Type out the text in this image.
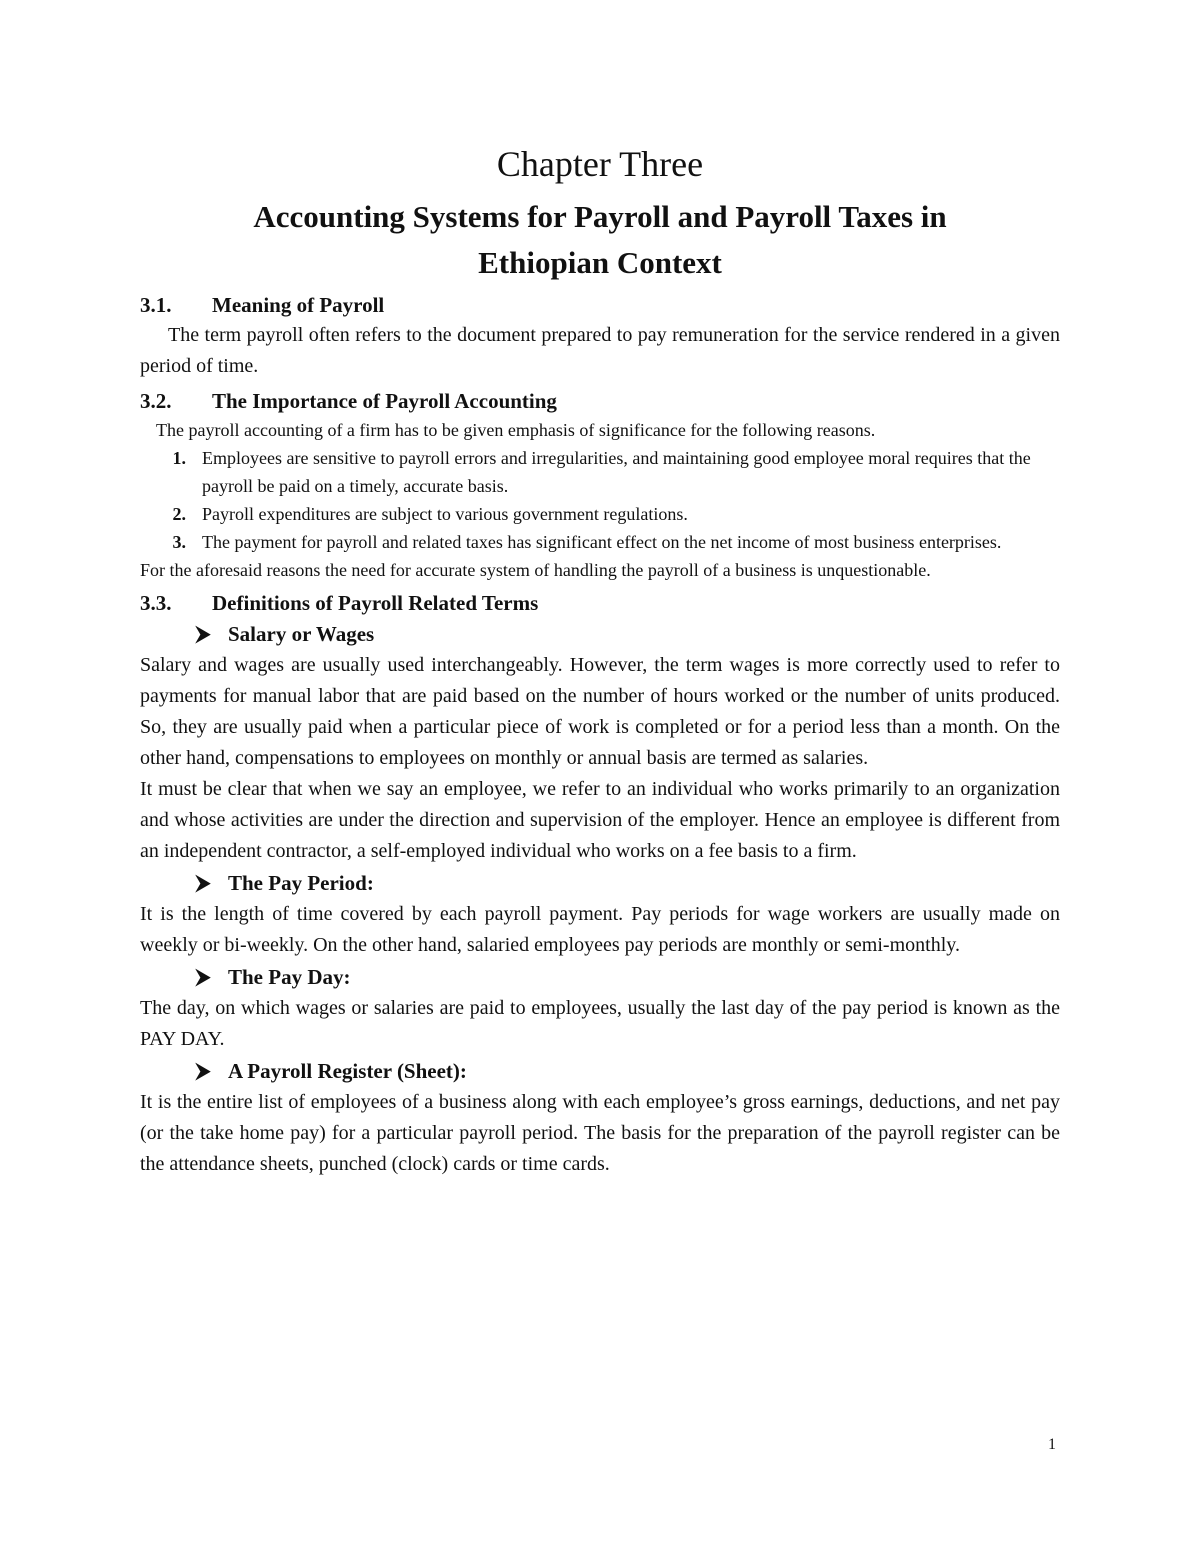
Chapter Three
Accounting Systems for Payroll and Payroll Taxes in
Ethiopian Context
3.1.	Meaning of Payroll

The term payroll often refers to the document prepared to pay remuneration for the service rendered in a given period of time.

3.2.	The Importance of Payroll Accounting

The payroll accounting of a firm has to be given emphasis of significance for the following reasons.

1. Employees are sensitive to payroll errors and irregularities, and maintaining good employee moral requires that the payroll be paid on a timely, accurate basis.
2. Payroll expenditures are subject to various government regulations.
3. The payment for payroll and related taxes has significant effect on the net income of most business enterprises.

For the aforesaid reasons the need for accurate system of handling the payroll of a business is unquestionable.

3.3.	Definitions of Payroll Related Terms
⮞ Salary or Wages

Salary and wages are usually used interchangeably. However, the term wages is more correctly used to refer to payments for manual labor that are paid based on the number of hours worked or the number of units produced. So, they are usually paid when a particular piece of work is completed or for a period less than a month. On the other hand, compensations to employees on monthly or annual basis are termed as salaries.

It must be clear that when we say an employee, we refer to an individual who works primarily to an organization and whose activities are under the direction and supervision of the employer. Hence an employee is different from an independent contractor, a self-employed individual who works on a fee basis to a firm.

⮞ The Pay Period:

It is the length of time covered by each payroll payment. Pay periods for wage workers are usually made on weekly or bi-weekly. On the other hand, salaried employees pay periods are monthly or semi-monthly.

⮞ The Pay Day:

The day, on which wages or salaries are paid to employees, usually the last day of the pay period is known as the PAY DAY.

⮞ A Payroll Register (Sheet):

It is the entire list of employees of a business along with each employee’s gross earnings, deductions, and net pay (or the take home pay) for a particular payroll period. The basis for the preparation of the payroll register can be the attendance sheets, punched (clock) cards or time cards.

1
